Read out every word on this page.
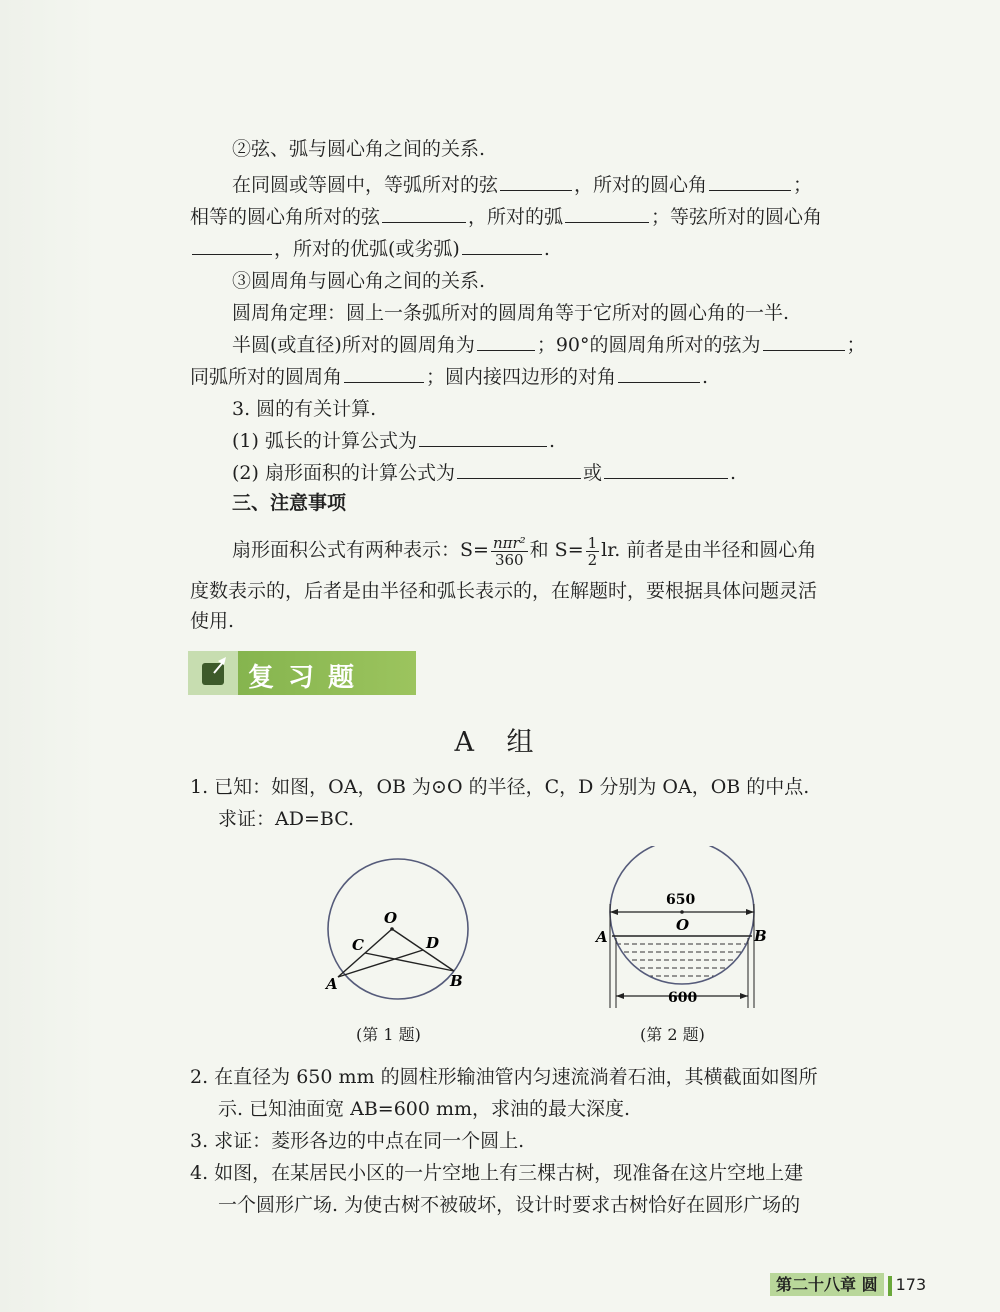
②弦、弧与圆心角之间的关系.
在同圆或等圆中，等弧所对的弦	，所对的圆心角	；
相等的圆心角所对的弦	，所对的弧	；等弦所对的圆心角
，所对的优弧(或劣弧)	.
③圆周角与圆心角之间的关系.
圆周角定理：圆上一条弧所对的圆周角等于它所对的圆心角的一半.
半圆(或直径)所对的圆周角为	；90°的圆周角所对的弦为	；
同弧所对的圆周角	；圆内接四边形的对角	.
3. 圆的有关计算.
(1) 弧长的计算公式为	.
(2) 扇形面积的计算公式为	或	.
三、注意事项
扇形面积公式有两种表示：$S= \frac{\text{nπr²}}{360}$ 和 $S= \frac{1}{2}$ lr. 前者是由半径和圆心角
度数表示的，后者是由半径和弧长表示的，在解题时，要根据具体问题灵活
使用.
复习题
A 组
1. 已知：如图，OA，OB 为⊙O 的半径，C，D 分别为 OA，OB 的中点.
求证：AD=BC.
O
C	D
A	B
(第 1 题)
650
O
A	B
600
(第 2 题)
2. 在直径为 650 mm 的圆柱形输油管内匀速流淌着石油，其横截面如图所
示. 已知油面宽 AB=600 mm，求油的最大深度.
3. 求证：菱形各边的中点在同一个圆上.
4. 如图，在某居民小区的一片空地上有三棵古树，现准备在这片空地上建
一个圆形广场. 为使古树不被破坏，设计时要求古树恰好在圆形广场的
第二十八章 圆 173
